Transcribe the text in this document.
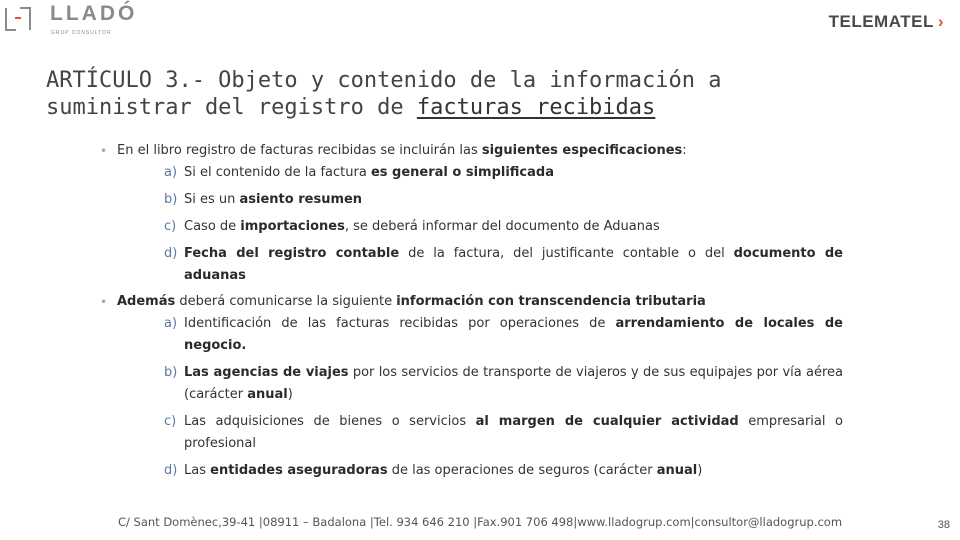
LLADÓ
GRUP CONSULTOR
TELEMATEL ›
ARTÍCULO 3.- Objeto y contenido de la información a
suministrar del registro de facturas recibidas
• En el libro registro de facturas recibidas se incluirán las siguientes especificaciones:
a) Si el contenido de la factura es general o simplificada
b) Si es un asiento resumen
c) Caso de importaciones, se deberá informar del documento de Aduanas
d) Fecha del registro contable de la factura, del justificante contable o del documento de aduanas
• Además deberá comunicarse la siguiente información con transcendencia tributaria
a) Identificación de las facturas recibidas por operaciones de arrendamiento de locales de negocio.
b) Las agencias de viajes por los servicios de transporte de viajeros y de sus equipajes por vía aérea (carácter anual)
c) Las adquisiciones de bienes o servicios al margen de cualquier actividad empresarial o profesional
d) Las entidades aseguradoras de las operaciones de seguros (carácter anual)
C/ Sant Domènec,39-41 |08911 – Badalona |Tel. 934 646 210 |Fax.901 706 498|www.lladogrup.com|consultor@lladogrup.com	38
